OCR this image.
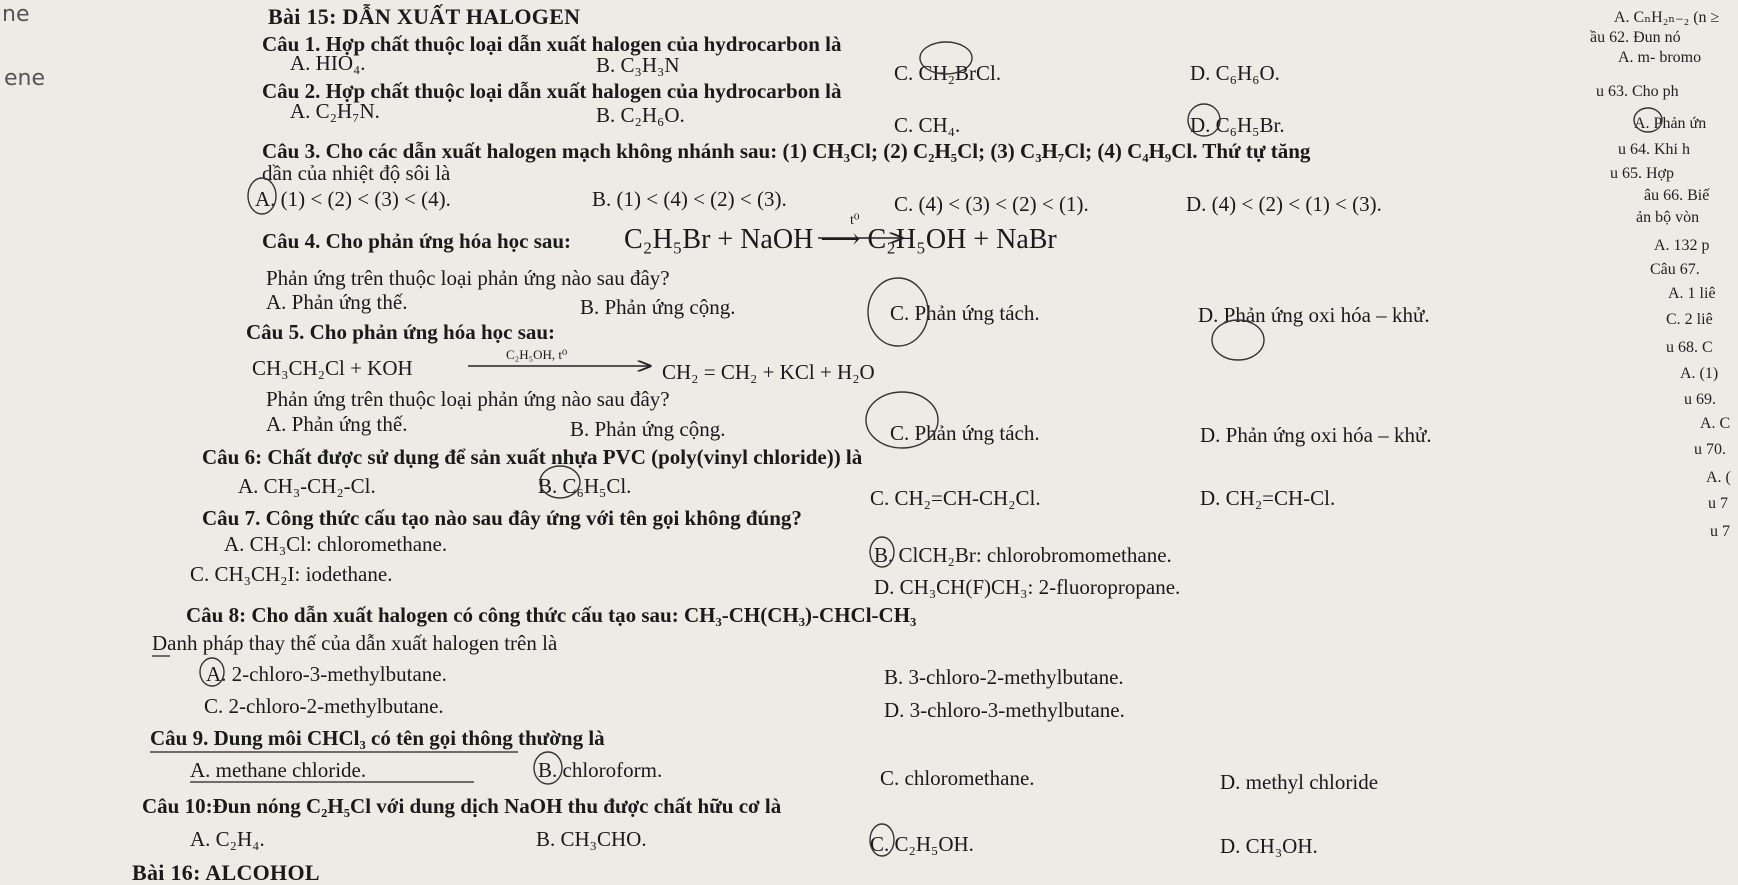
ne
ene
Bài 15: DẪN XUẤT HALOGEN
Câu 1. Hợp chất thuộc loại dẫn xuất halogen của hydrocarbon là
A. HIO₄.	B. C₃H₃N	C. CH₂BrCl.	D. C₆H₆O.
Câu 2. Hợp chất thuộc loại dẫn xuất halogen của hydrocarbon là
A. C₂H₇N.	B. C₂H₆O.	C. CH₄.	D. C₆H₅Br.
Câu 3. Cho các dẫn xuất halogen mạch không nhánh sau: (1) CH₃Cl; (2) C₂H₅Cl; (3) C₃H₇Cl; (4) C₄H₉Cl. Thứ tự tăng
dần của nhiệt độ sôi là
A. (1) < (2) < (3) < (4).	B. (1) < (4) < (2) < (3).	C. (4) < (3) < (2) < (1).	D. (4) < (2) < (1) < (3).
Câu 4. Cho phản ứng hóa học sau: C₂H₅Br + NaOH ⟶ C₂H₅OH + NaBr
t⁰
Phản ứng trên thuộc loại phản ứng nào sau đây?
A. Phản ứng thế.	B. Phản ứng cộng.	C. Phản ứng tách.	D. Phản ứng oxi hóa – khử.
Câu 5. Cho phản ứng hóa học sau:
CH₃CH₂Cl + KOH
C₂H₅OH, t⁰
CH₂ = CH₂ + KCl + H₂O
Phản ứng trên thuộc loại phản ứng nào sau đây?
A. Phản ứng thế.	B. Phản ứng cộng.	C. Phản ứng tách.	D. Phản ứng oxi hóa – khử.
Câu 6: Chất được sử dụng để sản xuất nhựa PVC (poly(vinyl chloride)) là
A. CH₃-CH₂-Cl.	B. C₆H₅Cl.	C. CH₂=CH-CH₂Cl.	D. CH₂=CH-Cl.
Câu 7. Công thức cấu tạo nào sau đây ứng với tên gọi không đúng?
A. CH₃Cl: chloromethane.	B. ClCH₂Br: chlorobromomethane.
C. CH₃CH₂I: iodethane.
D. CH₃CH(F)CH₃: 2-fluoropropane.
Câu 8: Cho dẫn xuất halogen có công thức cấu tạo sau: CH₃-CH(CH₃)-CHCl-CH₃
Danh pháp thay thế của dẫn xuất halogen trên là
A. 2-chloro-3-methylbutane.	B. 3-chloro-2-methylbutane.
C. 2-chloro-2-methylbutane.	D. 3-chloro-3-methylbutane.
Câu 9. Dung môi CHCl₃ có tên gọi thông thường là
A. methane chloride.	B. chloroform.	C. chloromethane.	D. methyl chloride
Câu 10:Đun nóng C₂H₅Cl với dung dịch NaOH thu được chất hữu cơ là
A. C₂H₄.	B. CH₃CHO.	C. C₂H₅OH.	D. CH₃OH.
Bài 16: ALCOHOL
A. CₙH₂ₙ₋₂ (n ≥
ầu 62. Đun nó
A. m- bromo
u 63. Cho ph
A. Phản ứn
u 64. Khi h
u 65. Hợp
âu 66. Biế
ản bộ vòn
A. 132 p
Câu 67.
A. 1 liê
C. 2 liê
u 68. C
A. (1)
u 69.
A. C
u 70.
A. (
u 7
u 7
